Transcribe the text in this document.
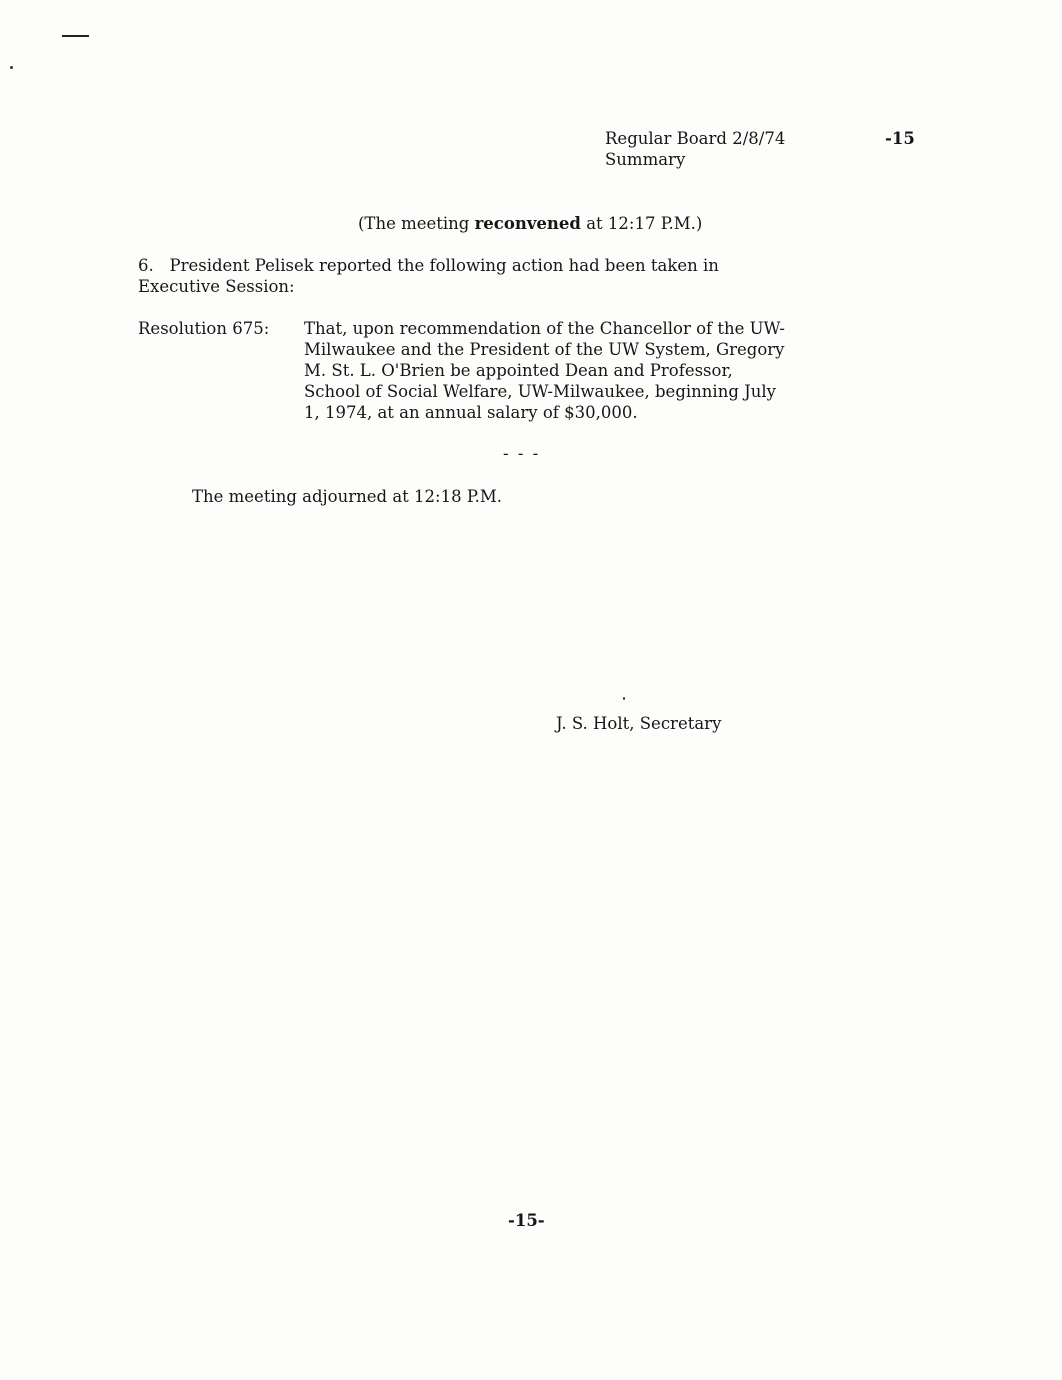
Regular Board 2/8/74
Summary
-15
(The meeting reconvened at 12:17 P.M.)
6.   President Pelisek reported the following action had been taken in
Executive Session:
Resolution 675: That, upon recommendation of the Chancellor of the UW-
Milwaukee and the President of the UW System, Gregory
M. St. L. O'Brien be appointed Dean and Professor,
School of Social Welfare, UW-Milwaukee, beginning July
1, 1974, at an annual salary of $30,000.
- - -
The meeting adjourned at 12:18 P.M.
J. S. Holt, Secretary
-15-
